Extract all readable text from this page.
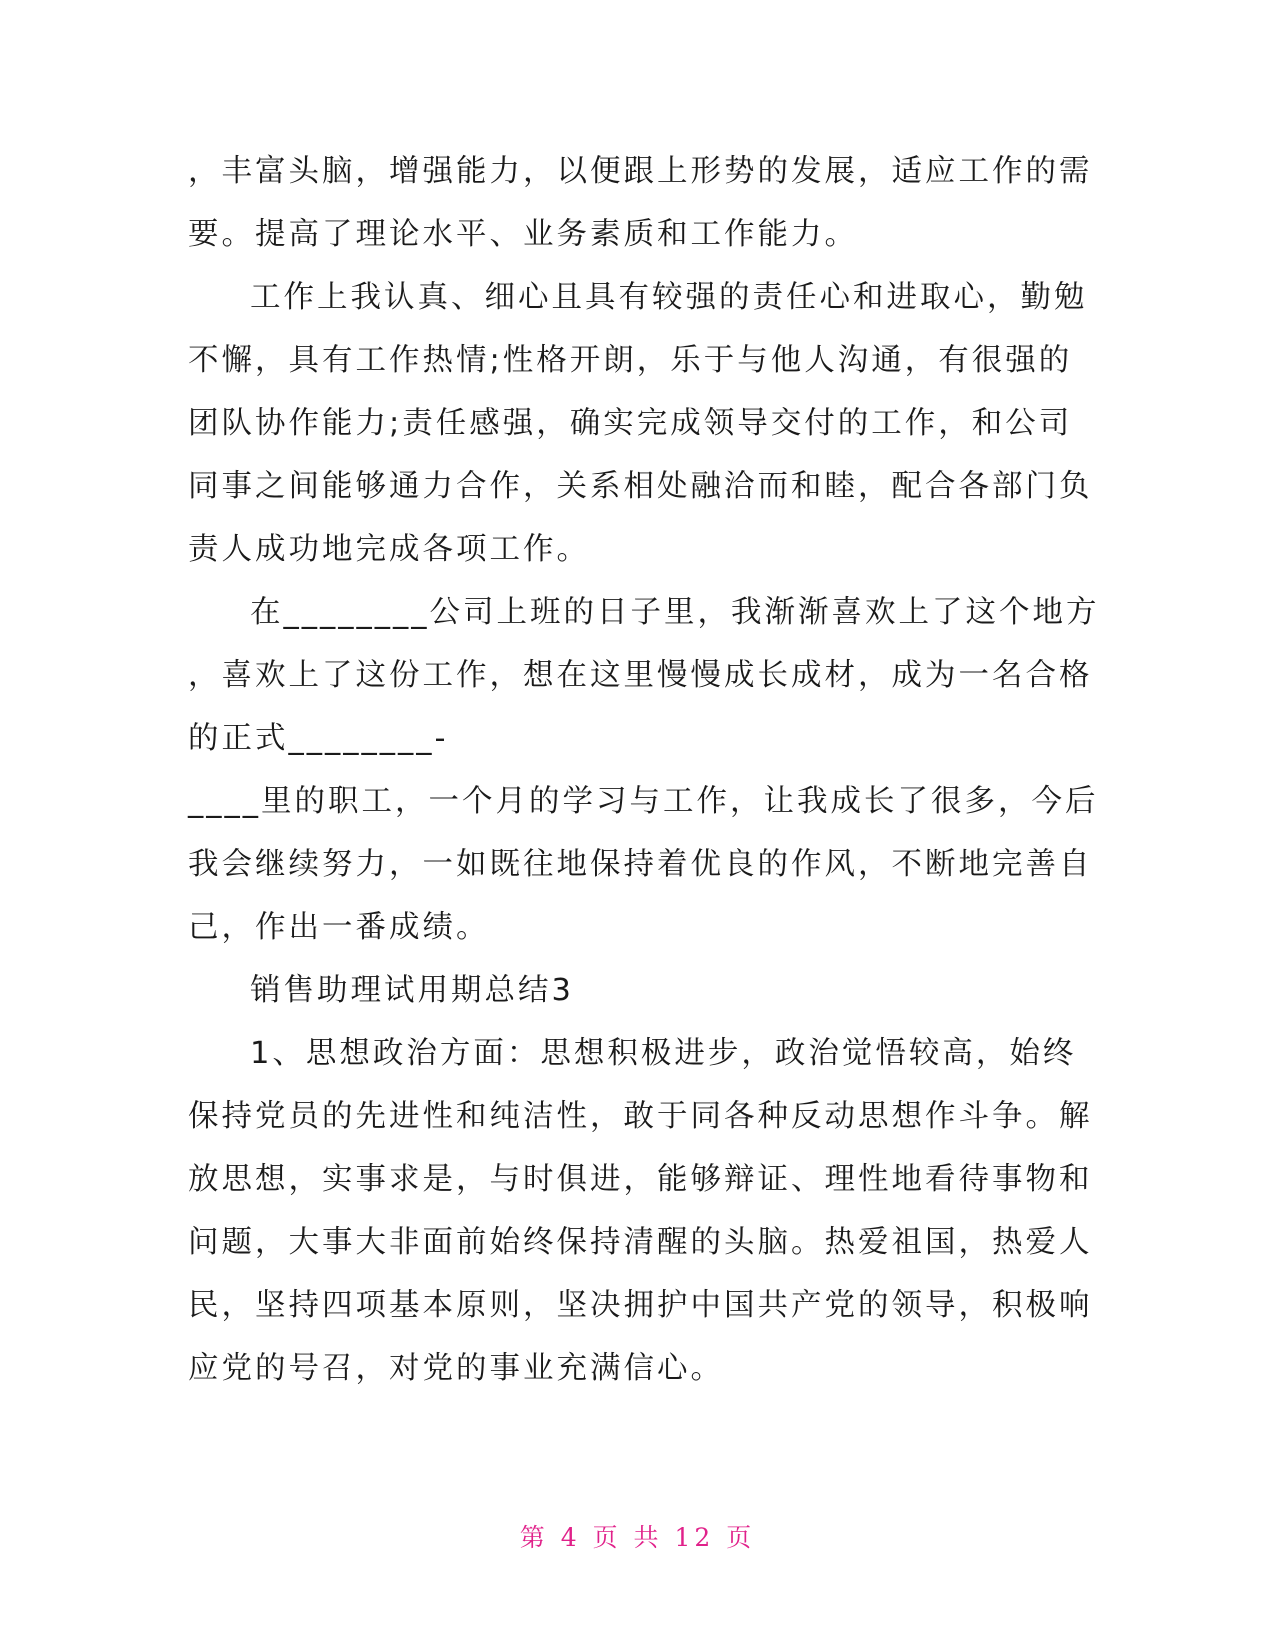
，丰富头脑，增强能力，以便跟上形势的发展，适应工作的需
要。提高了理论水平、业务素质和工作能力。
工作上我认真、细心且具有较强的责任心和进取心，勤勉
不懈，具有工作热情;性格开朗，乐于与他人沟通，有很强的
团队协作能力;责任感强，确实完成领导交付的工作，和公司
同事之间能够通力合作，关系相处融洽而和睦，配合各部门负
责人成功地完成各项工作。
在________公司上班的日子里，我渐渐喜欢上了这个地方
，喜欢上了这份工作，想在这里慢慢成长成材，成为一名合格
的正式________-
____里的职工，一个月的学习与工作，让我成长了很多，今后
我会继续努力，一如既往地保持着优良的作风，不断地完善自
己，作出一番成绩。
销售助理试用期总结3
1、思想政治方面：思想积极进步，政治觉悟较高，始终
保持党员的先进性和纯洁性，敢于同各种反动思想作斗争。解
放思想，实事求是，与时俱进，能够辩证、理性地看待事物和
问题，大事大非面前始终保持清醒的头脑。热爱祖国，热爱人
民，坚持四项基本原则，坚决拥护中国共产党的领导，积极响
应党的号召，对党的事业充满信心。
第 4 页 共 12 页
